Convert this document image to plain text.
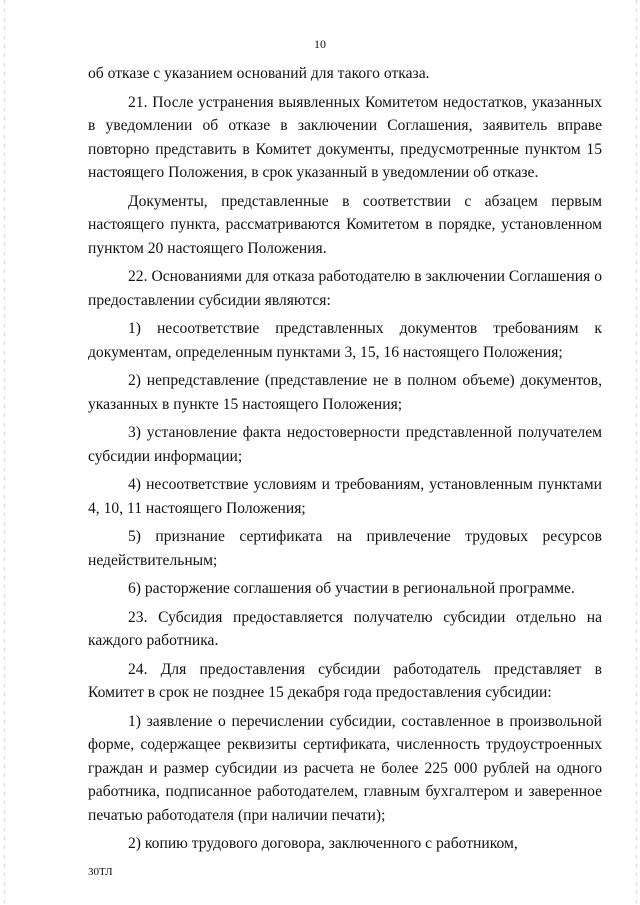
10

об отказе с указанием оснований для такого отказа.

21. После устранения выявленных Комитетом недостатков, указанных в уведомлении об отказе в заключении Соглашения, заявитель вправе повторно представить в Комитет документы, предусмотренные пунктом 15 настоящего Положения, в срок указанный в уведомлении об отказе.

Документы, представленные в соответствии с абзацем первым настоящего пункта, рассматриваются Комитетом в порядке, установленном пунктом 20 настоящего Положения.

22. Основаниями для отказа работодателю в заключении Соглашения о предоставлении субсидии являются:

1) несоответствие представленных документов требованиям к документам, определенным пунктами 3, 15, 16 настоящего Положения;

2) непредставление (представление не в полном объеме) документов, указанных в пункте 15 настоящего Положения;

3) установление факта недостоверности представленной получателем субсидии информации;

4) несоответствие условиям и требованиям, установленным пунктами 4, 10, 11 настоящего Положения;

5) признание сертификата на привлечение трудовых ресурсов недействительным;

6) расторжение соглашения об участии в региональной программе.

23. Субсидия предоставляется получателю субсидии отдельно на каждого работника.

24. Для предоставления субсидии работодатель представляет в Комитет в срок не позднее 15 декабря года предоставления субсидии:

1) заявление о перечислении субсидии, составленное в произвольной форме, содержащее реквизиты сертификата, численность трудоустроенных граждан и размер субсидии из расчета не более 225 000 рублей на одного работника, подписанное работодателем, главным бухгалтером и заверенное печатью работодателя (при наличии печати);

2) копию трудового договора, заключенного с работником,

30ТЛ
